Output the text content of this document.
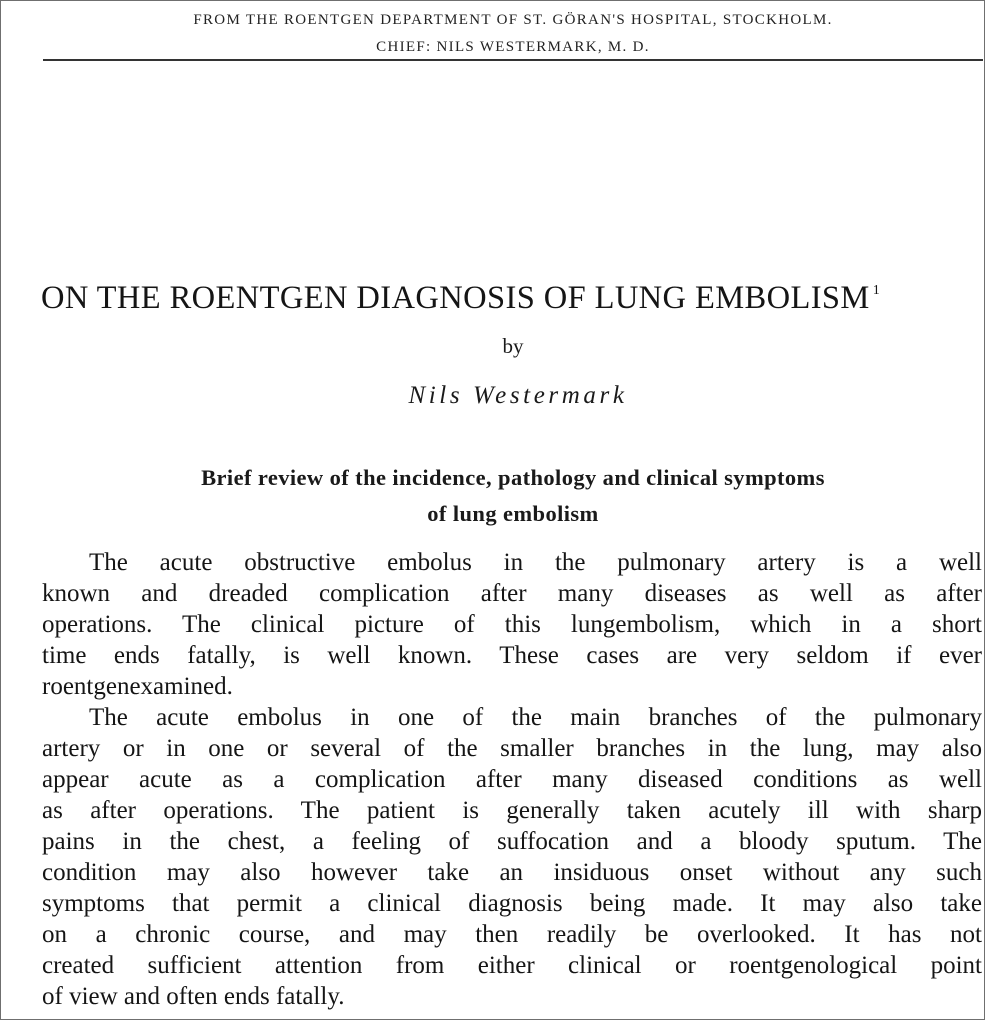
FROM THE ROENTGEN DEPARTMENT OF ST. GÖRAN'S HOSPITAL, STOCKHOLM.
CHIEF: NILS WESTERMARK, M. D.
ON THE ROENTGEN DIAGNOSIS OF LUNG EMBOLISM $^1$
by
Nils Westermark
Brief review of the incidence, pathology and clinical symptoms
of lung embolism
The acute obstructive embolus in the pulmonary artery is a well
known and dreaded complication after many diseases as well as after
operations. The clinical picture of this lungembolism, which in a short
time ends fatally, is well known. These cases are very seldom if ever
roentgenexamined.
The acute embolus in one of the main branches of the pulmonary
artery or in one or several of the smaller branches in the lung, may also
appear acute as a complication after many diseased conditions as well
as after operations. The patient is generally taken acutely ill with sharp
pains in the chest, a feeling of suffocation and a bloody sputum. The
condition may also however take an insiduous onset without any such
symptoms that permit a clinical diagnosis being made. It may also take
on a chronic course, and may then readily be overlooked. It has not
created sufficient attention from either clinical or roentgenological point
of view and often ends fatally.
